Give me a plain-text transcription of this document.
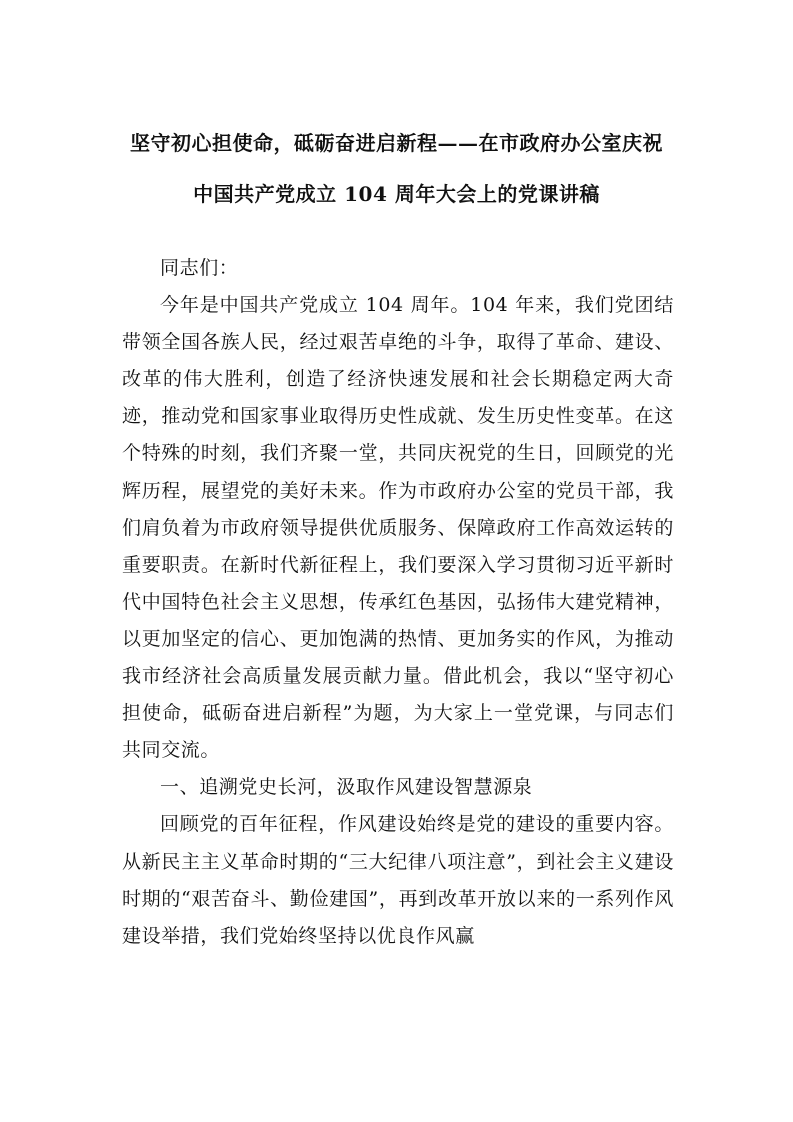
坚守初心担使命，砥砺奋进启新程——在市政府办公室庆祝
中国共产党成立 104 周年大会上的党课讲稿

同志们：

今年是中国共产党成立 104 周年。104 年来，我们党团结带领全国各族人民，经过艰苦卓绝的斗争，取得了革命、建设、改革的伟大胜利，创造了经济快速发展和社会长期稳定两大奇迹，推动党和国家事业取得历史性成就、发生历史性变革。在这个特殊的时刻，我们齐聚一堂，共同庆祝党的生日，回顾党的光辉历程，展望党的美好未来。作为市政府办公室的党员干部，我们肩负着为市政府领导提供优质服务、保障政府工作高效运转的重要职责。在新时代新征程上，我们要深入学习贯彻习近平新时代中国特色社会主义思想，传承红色基因，弘扬伟大建党精神，以更加坚定的信心、更加饱满的热情、更加务实的作风，为推动我市经济社会高质量发展贡献力量。借此机会，我以“坚守初心担使命，砥砺奋进启新程”为题，为大家上一堂党课，与同志们共同交流。

一、追溯党史长河，汲取作风建设智慧源泉

回顾党的百年征程，作风建设始终是党的建设的重要内容。从新民主主义革命时期的“三大纪律八项注意”，到社会主义建设时期的“艰苦奋斗、勤俭建国”，再到改革开放以来的一系列作风建设举措，我们党始终坚持以优良作风赢
